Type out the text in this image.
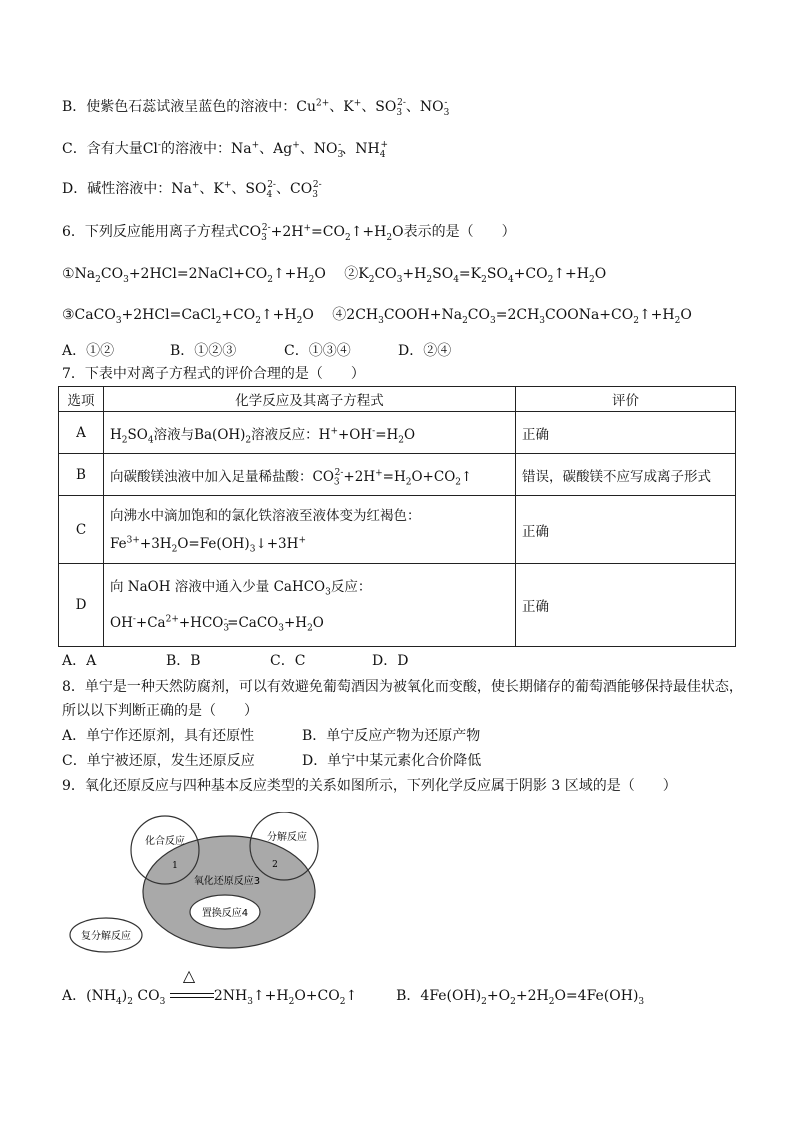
B．使紫色石蕊试液呈蓝色的溶液中：$Cu^{2+}$、K+、$SO_3^{2-}$、$NO_3^-$
C．含有大量Cl-的溶液中：Na+、Ag+、$NO_3^-$、$NH_4^+$
D．碱性溶液中：Na+、K+、$SO_4^{2-}$、$CO_3^{2-}$
6．下列反应能用离子方程式$CO_3^{2-}+2H^+=CO_2↑+H_2O$表示的是（　　）
$①Na_2CO_3+2HCl=2NaCl+CO_2↑+H_2O$　 $②K_2CO_3+H_2SO_4=K_2SO_4+CO_2↑+H_2O$
$③CaCO_3+2HCl=CaCl_2+CO_2↑+H_2O$　 $④2CH_3COOH+Na_2CO_3=2CH_3COONa+CO_2↑+H_2O$
A．①②	B．①②③	C．①③④	D．②④
7．下表中对离子方程式的评价合理的是（　　）
选项	化学反应及其离子方程式	评价
A	$H_2SO_4$溶液与$Ba(OH)_2$溶液反应：$H^++OH^-=H_2O$	正确
B	向碳酸镁浊液中加入足量稀盐酸：$CO_3^{2-}+2H^+=H_2O+CO_2↑$	错误，碳酸镁不应写成离子形式
C	向沸水中滴加饱和的氯化铁溶液至液体变为红褐色：
$Fe^{3+}+3H_2O=Fe(OH)_3↓+3H^+$	正确
D	向 NaOH 溶液中通入少量 CaHCO$_3$反应：
$OH^-+Ca^{2+}+HCO_3^-=CaCO_3+H_2O$	正确
A．A	B．B	C．C	D．D
8．单宁是一种天然防腐剂，可以有效避免葡萄酒因为被氧化而变酸，使长期储存的葡萄酒能够保持最佳状态，
所以以下判断正确的是（　　）
A．单宁作还原剂，具有还原性	B．单宁反应产物为还原产物
C．单宁被还原，发生还原反应	D．单宁中某元素化合价降低
9．氧化还原反应与四种基本反应类型的关系如图所示，下列化学反应属于阴影 3 区域的是（　　）
化合反应	分解反应
1	2
氧化还原反应3
置换反应4
复分解反应
A．$(NH_4)_2$ $CO_3$
△
$2NH_3↑+H_2O+CO_2↑$	B．$4Fe(OH)_2+O_2+2H_2O=4Fe(OH)_3$
